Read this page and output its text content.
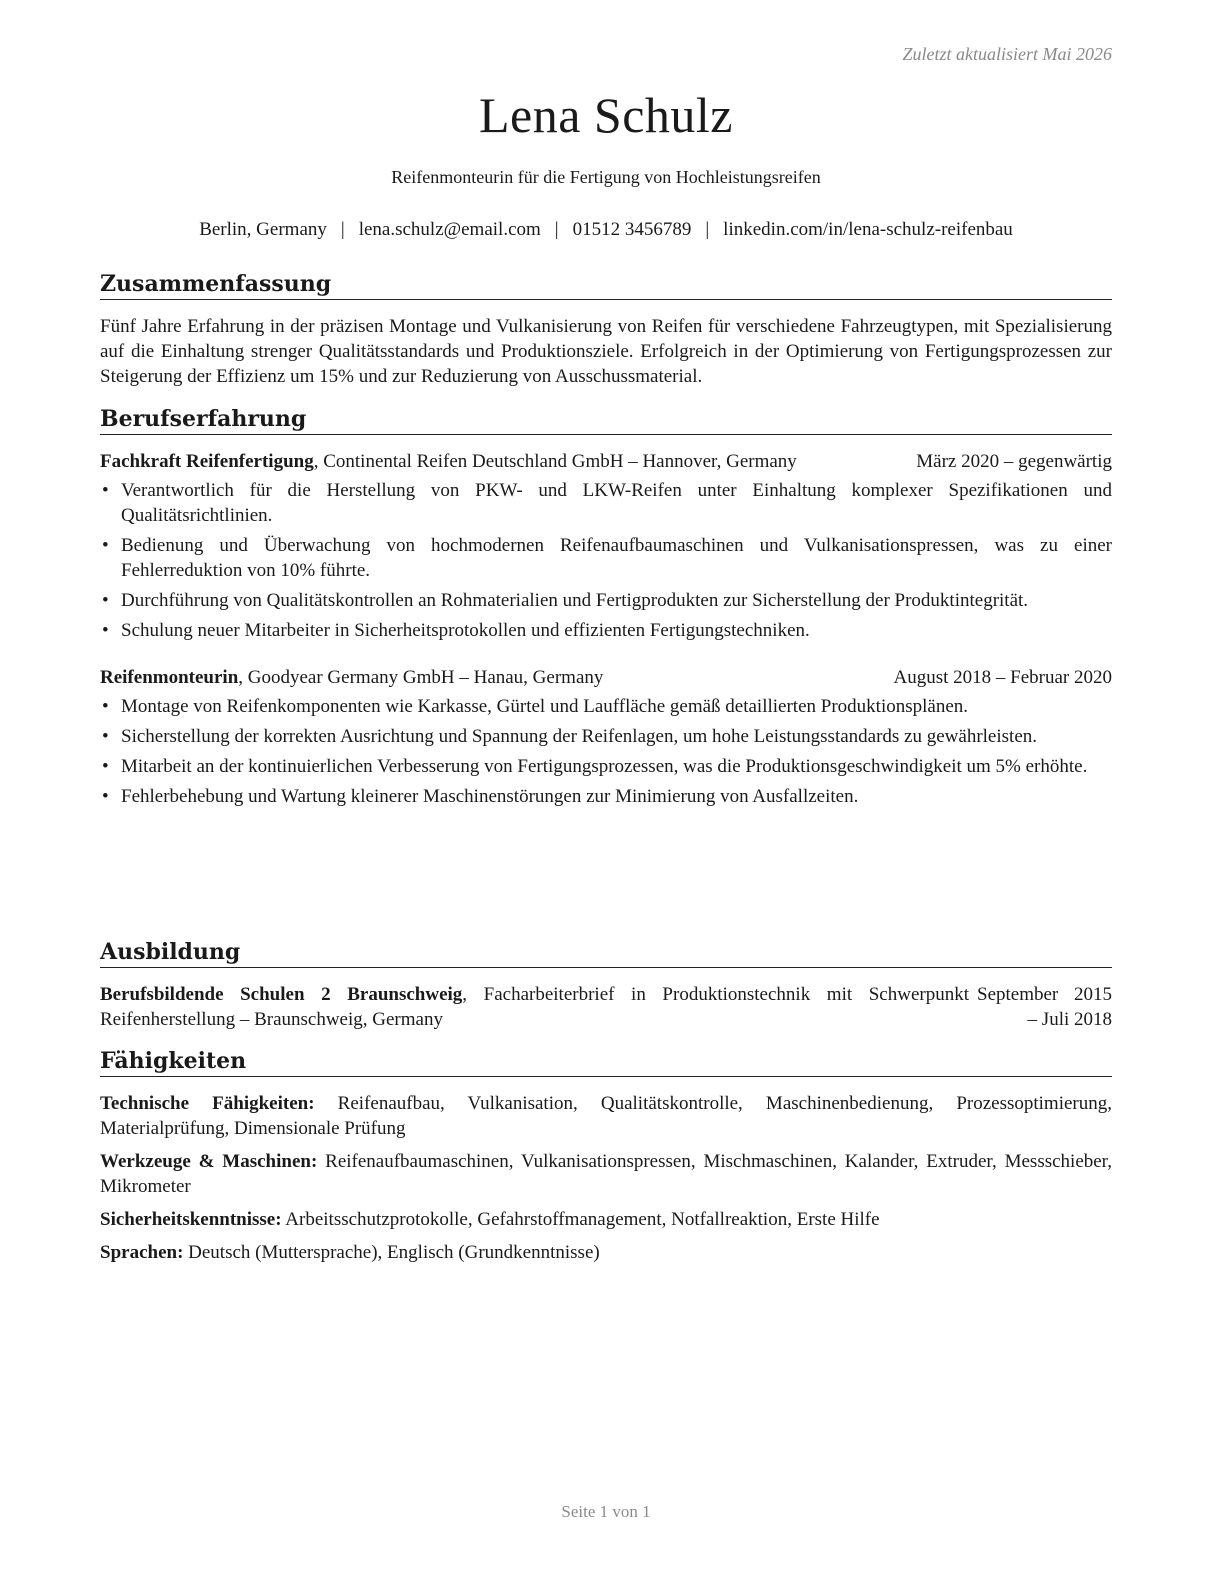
Zuletzt aktualisiert Mai 2026
Lena Schulz
Reifenmonteurin für die Fertigung von Hochleistungsreifen
Berlin, Germany | lena.schulz@email.com | 01512 3456789 | linkedin.com/in/lena-schulz-reifenbau
Zusammenfassung
Fünf Jahre Erfahrung in der präzisen Montage und Vulkanisierung von Reifen für verschiedene Fahrzeugtypen, mit Spezialisierung auf die Einhaltung strenger Qualitätsstandards und Produktionsziele. Erfolgreich in der Optimierung von Fertigungsprozessen zur Steigerung der Effizienz um 15% und zur Reduzierung von Ausschussmaterial.
Berufserfahrung
Fachkraft Reifenfertigung, Continental Reifen Deutschland GmbH – Hannover, Germany	März 2020 – gegenwärtig
• Verantwortlich für die Herstellung von PKW- und LKW-Reifen unter Einhaltung komplexer Spezifikationen und Qualitätsrichtlinien.
• Bedienung und Überwachung von hochmodernen Reifenaufbaumaschinen und Vulkanisationspressen, was zu einer Fehlerreduktion von 10% führte.
• Durchführung von Qualitätskontrollen an Rohmaterialien und Fertigprodukten zur Sicherstellung der Produktintegrität.
• Schulung neuer Mitarbeiter in Sicherheitsprotokollen und effizienten Fertigungstechniken.
Reifenmonteurin, Goodyear Germany GmbH – Hanau, Germany	August 2018 – Februar 2020
• Montage von Reifenkomponenten wie Karkasse, Gürtel und Lauffläche gemäß detaillierten Produktionsplänen.
• Sicherstellung der korrekten Ausrichtung und Spannung der Reifenlagen, um hohe Leistungsstandards zu gewährleisten.
• Mitarbeit an der kontinuierlichen Verbesserung von Fertigungsprozessen, was die Produktionsgeschwindigkeit um 5% erhöhte.
• Fehlerbehebung und Wartung kleinerer Maschinenstörungen zur Minimierung von Ausfallzeiten.
Ausbildung
Berufsbildende Schulen 2 Braunschweig, Facharbeiterbrief in Produktionstechnik mit Schwerpunkt Reifenherstellung – Braunschweig, Germany
September 2015 – Juli 2018
Fähigkeiten
Technische Fähigkeiten: Reifenaufbau, Vulkanisation, Qualitätskontrolle, Maschinenbedienung, Prozessoptimierung, Materialprüfung, Dimensionale Prüfung
Werkzeuge & Maschinen: Reifenaufbaumaschinen, Vulkanisationspressen, Mischmaschinen, Kalander, Extruder, Messschieber, Mikrometer
Sicherheitskenntnisse: Arbeitsschutzprotokolle, Gefahrstoffmanagement, Notfallreaktion, Erste Hilfe
Sprachen: Deutsch (Muttersprache), Englisch (Grundkenntnisse)
Seite 1 von 1
